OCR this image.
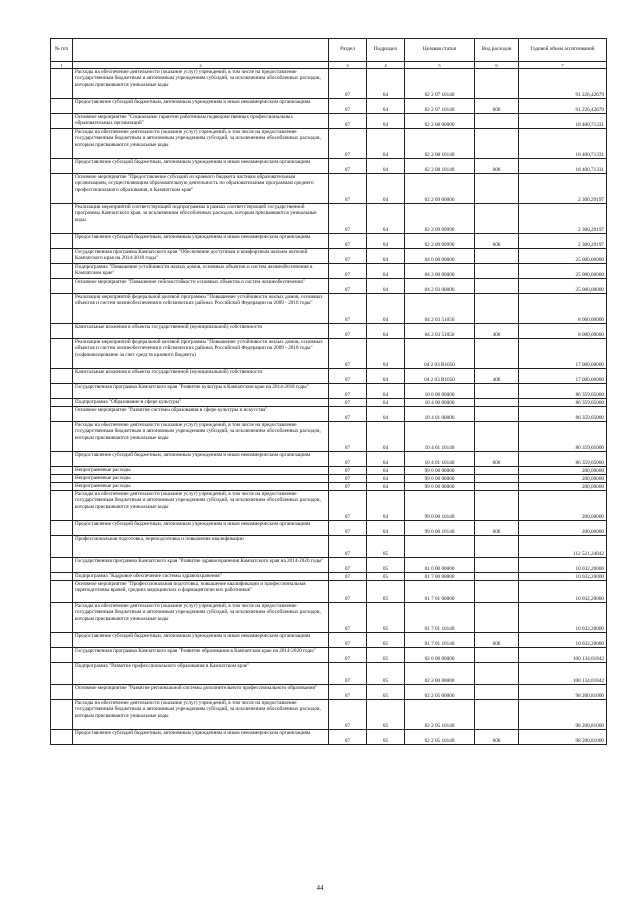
№ п/п		Раздел	Подраздел	Целевая статья	Вид расходов	Годовой объем ассигнований
1	2	3	4	5	6	7
	Расходы на обеспечение деятельности (оказание услуг) учреждений, в том числе на предоставление государственным бюджетным и автономным учреждениям субсидий, за исключением обособленных расходов, которым присваиваются уникальные коды	07	04	02 2 07 10140		91 226,42679
	Предоставление субсидий бюджетным, автономным учреждениям и иным некоммерческим организациям	07	04	02 2 07 10140	600	91 226,42679
	Основное мероприятие "Социальные гарантии работникам подведомственных профессиональных образовательных организаций"	07	04	02 2 08 00000		18 400,71331
	Расходы на обеспечение деятельности (оказание услуг) учреждений, в том числе на предоставление государственным бюджетным и автономным учреждениям субсидий, за исключением обособленных расходов, которым присваиваются уникальные коды	07	04	02 2 08 10140		18 400,71331
	Предоставление субсидий бюджетным, автономным учреждениям и иным некоммерческим организациям	07	04	02 2 08 10140	600	18 400,71331
	Основное мероприятие "Предоставление субсидий из краевого бюджета частным образовательным организациям, осуществляющим образовательную деятельность по образовательным программам среднего профессионального образования, в Камчатском крае"	07	04	02 2 09 00000		2 300,29197
	Реализация мероприятий соответствующей подпрограммы в рамках соответствующей государственной программы Камчатского края, за исключением обособленных расходов, которым присваиваются уникальные коды	07	04	02 2 09 09990		2 300,29197
	Предоставление субсидий бюджетным, автономным учреждениям и иным некоммерческим организациям	07	04	02 2 09 09990	600	2 300,29197
	Государственная программа Камчатского края "Обеспечение доступным и комфортным жильем жителей Камчатского края на 2014-2018 годы"	07	04	04 0 00 00000		25 000,00000
	Подпрограмма "Повышение устойчивости жилых домов, основных объектов и систем жизнеобеспечения в Камчатском крае"	07	04	04 2 00 00000		25 000,00000
	Основное мероприятие "Повышение сейсмостойкости основных объектов и систем жизнеобеспечения"	07	04	04 2 03 00000		25 000,00000
	Реализация мероприятий федеральной целевой программы "Повышение устойчивости жилых домов, основных объектов и систем жизнеобеспечения в сейсмических районах Российской Федерации на 2009 - 2018 годы"	07	04	04 2 03 51050		8 000,00000
	Капитальные вложения в объекты государственной (муниципальной) собственности	07	04	04 2 03 51050	400	8 000,00000
	Реализация мероприятий федеральной целевой программы "Повышение устойчивости жилых домов, основных объектов и систем жизнеобеспечения в сейсмических районах Российской Федерации на 2009 - 2018 годы" (софинансирование за счет средств краевого бюджета)	07	04	04 2 03 R1050		17 000,00000
	Капитальные вложения в объекты государственной (муниципальной) собственности	07	04	04 2 03 R1050	400	17 000,00000
	Государственная программа Камчатского края "Развитие культуры в Камчатском крае на 2014-2018 годы"	07	04	10 0 00 00000		86 359,05000
	Подпрограмма "Образование в сфере культуры"	07	04	10 4 00 00000		86 359,05000
	Основное мероприятие "Развитие системы образования в сфере культуры и искусства"	07	04	10 4 01 00000		86 359,05000
	Расходы на обеспечение деятельности (оказание услуг) учреждений, в том числе на предоставление государственным бюджетным и автономным учреждениям субсидий, за исключением обособленных расходов, которым присваиваются уникальные коды	07	04	10 4 01 10140		86 359,05000
	Предоставление субсидий бюджетным, автономным учреждениям и иным некоммерческим организациям	07	04	10 4 01 10140	600	86 359,05000
	Непрограммные расходы	07	04	99 0 00 00000		200,00000
	Непрограммные расходы	07	04	99 0 00 00000		200,00000
	Непрограммные расходы	07	04	99 0 00 00000		200,00000
	Расходы на обеспечение деятельности (оказание услуг) учреждений, в том числе на предоставление государственным бюджетным и автономным учреждениям субсидий, за исключением обособленных расходов, которым присваиваются уникальные коды	07	04	99 0 00 10140		200,00000
	Предоставление субсидий бюджетным, автономным учреждениям и иным некоммерческим организациям	07	04	99 0 00 10140	600	200,00000
	Профессиональная подготовка, переподготовка и повышение квалификации	07	05			112 521,24842
	Государственная программа Камчатского края "Развитие здравоохранения Камчатского края на 2014-2020 годы"	07	05	01 0 00 00000		10 032,20000
	Подпрограмма "Кадровое обеспечение системы здравоохранения"	07	05	01 7 00 00000		10 032,20000
	Основное мероприятие "Профессиональная подготовка, повышение квалификации и профессиональная переподготовка врачей, средних медицинских и фармацевтических работников"	07	05	01 7 01 00000		10 032,20000
	Расходы на обеспечение деятельности (оказание услуг) учреждений, в том числе на предоставление государственным бюджетным и автономным учреждениям субсидий, за исключением обособленных расходов, которым присваиваются уникальные коды	07	05	01 7 01 10140		10 032,20000
	Предоставление субсидий бюджетным, автономным учреждениям и иным некоммерческим организациям	07	05	01 7 01 10140	600	10 032,20000
	Государственная программа Камчатского края "Развитие образования в Камчатском крае на 2014-2020 годы"	07	05	02 0 00 00000		100 134,01842
	Подпрограмма "Развитие профессионального образования в Камчатском крае"	07	05	02 2 00 00000		100 134,01842
	Основное мероприятие "Развитие региональной системы дополнительного профессионального образования"	07	05	02 2 05 00000		98 200,81000
	Расходы на обеспечение деятельности (оказание услуг) учреждений, в том числе на предоставление государственным бюджетным и автономным учреждениям субсидий, за исключением обособленных расходов, которым присваиваются уникальные коды	07	05	02 2 05 10140		98 200,81000
	Предоставление субсидий бюджетным, автономным учреждениям и иным некоммерческим организациям	07	05	02 2 05 10140	600	98 200,81000
44
